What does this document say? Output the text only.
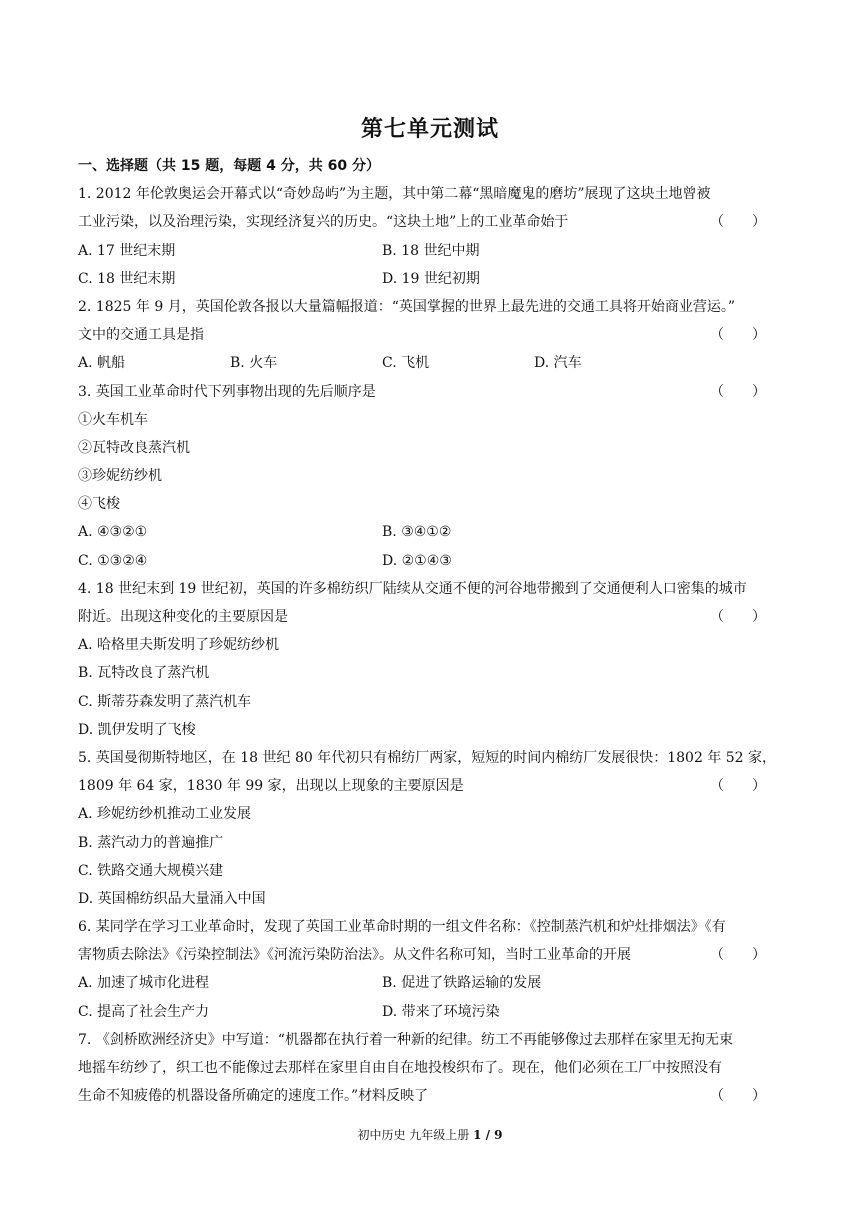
第七单元测试
一、选择题（共 15 题，每题 4 分，共 60 分）
1. 2012 年伦敦奥运会开幕式以“奇妙岛屿”为主题，其中第二幕“黑暗魔鬼的磨坊”展现了这块土地曾被
工业污染，以及治理污染，实现经济复兴的历史。“这块土地”上的工业革命始于	（　　）
A. 17 世纪末期	B. 18 世纪中期
C. 18 世纪末期	D. 19 世纪初期
2. 1825 年 9 月，英国伦敦各报以大量篇幅报道：“英国掌握的世界上最先进的交通工具将开始商业营运。”
文中的交通工具是指	（　　）
A. 帆船	B. 火车	C. 飞机	D. 汽车
3. 英国工业革命时代下列事物出现的先后顺序是	（　　）
①火车机车
②瓦特改良蒸汽机
③珍妮纺纱机
④飞梭
A. ④③②①	B. ③④①②
C. ①③②④	D. ②①④③
4. 18 世纪末到 19 世纪初，英国的许多棉纺织厂陆续从交通不便的河谷地带搬到了交通便利人口密集的城市
附近。出现这种变化的主要原因是	（　　）
A. 哈格里夫斯发明了珍妮纺纱机
B. 瓦特改良了蒸汽机
C. 斯蒂芬森发明了蒸汽机车
D. 凯伊发明了飞梭
5. 英国曼彻斯特地区，在 18 世纪 80 年代初只有棉纺厂两家，短短的时间内棉纺厂发展很快：1802 年 52 家，
1809 年 64 家，1830 年 99 家，出现以上现象的主要原因是	（　　）
A. 珍妮纺纱机推动工业发展
B. 蒸汽动力的普遍推广
C. 铁路交通大规模兴建
D. 英国棉纺织品大量涌入中国
6. 某同学在学习工业革命时，发现了英国工业革命时期的一组文件名称：《控制蒸汽机和炉灶排烟法》《有
害物质去除法》《污染控制法》《河流污染防治法》。从文件名称可知，当时工业革命的开展	（　　）
A. 加速了城市化进程	B. 促进了铁路运输的发展
C. 提高了社会生产力	D. 带来了环境污染
7. 《剑桥欧洲经济史》中写道：“机器都在执行着一种新的纪律。纺工不再能够像过去那样在家里无拘无束
地摇车纺纱了，织工也不能像过去那样在家里自由自在地投梭织布了。现在，他们必须在工厂中按照没有
生命不知疲倦的机器设备所确定的速度工作。”材料反映了	（　　）
初中历史 九年级上册 1 / 9
